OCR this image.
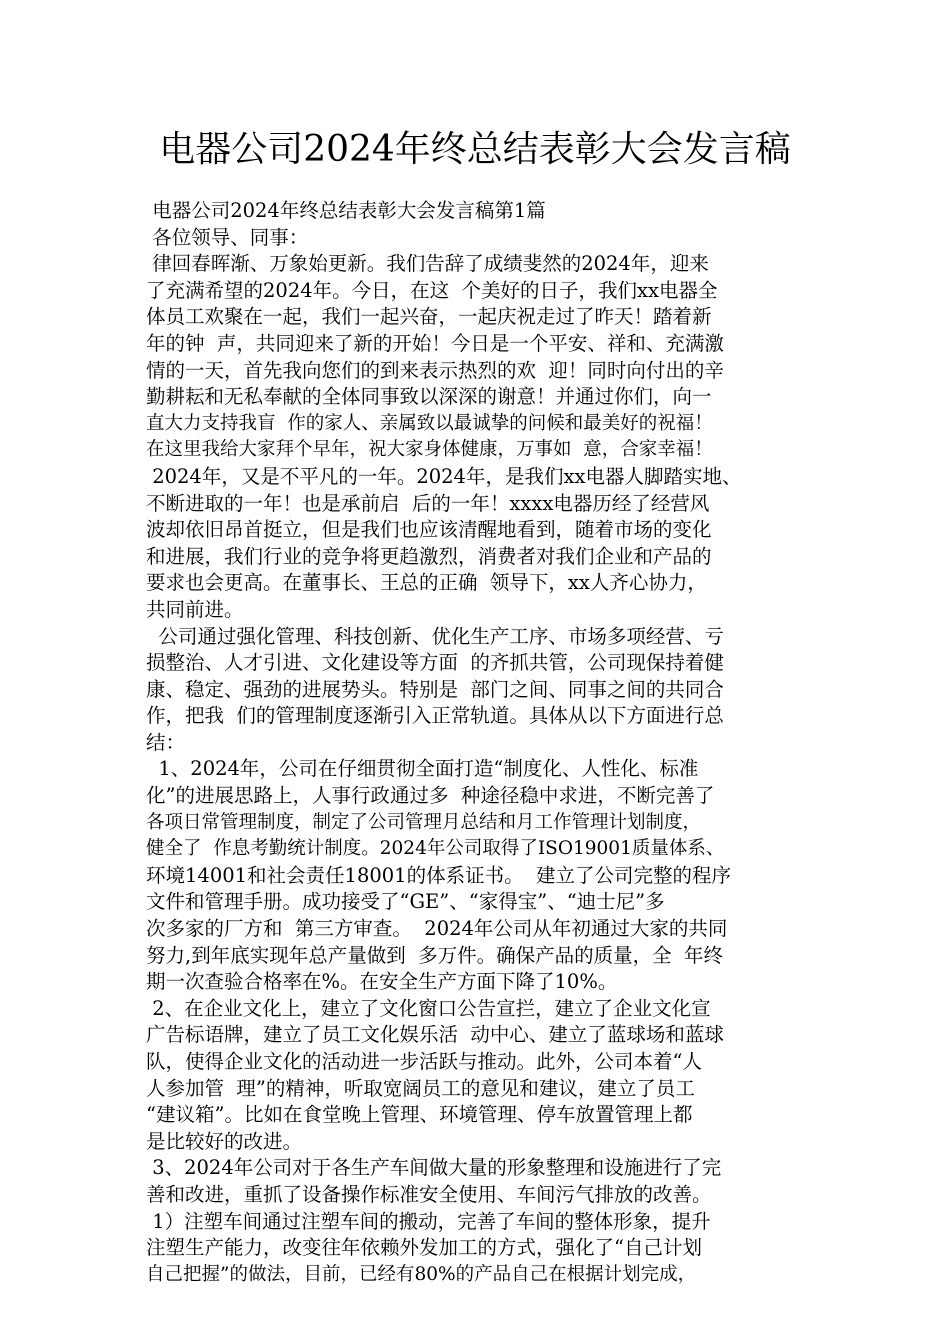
电器公司2024年终总结表彰大会发言稿
电器公司2024年终总结表彰大会发言稿第1篇
各位领导、同事：
律回春晖渐、万象始更新。我们告辞了成绩斐然的2024年，迎来
了充满希望的2024年。今日，在这  个美好的日子，我们xx电器全
体员工欢聚在一起，我们一起兴奋，一起庆祝走过了昨天！踏着新
年的钟  声，共同迎来了新的开始！今日是一个平安、祥和、充满激
情的一天，首先我向您们的到来表示热烈的欢  迎！同时向付出的辛
勤耕耘和无私奉献的全体同事致以深深的谢意！并通过你们，向一
直大力支持我盲  作的家人、亲属致以最诚挚的问候和最美好的祝福！
在这里我给大家拜个早年，祝大家身体健康，万事如  意，合家幸福！
2024年，又是不平凡的一年。2024年，是我们xx电器人脚踏实地、
不断进取的一年！也是承前启  后的一年！xxxx电器历经了经营风
波却依旧昂首挺立，但是我们也应该清醒地看到，随着市场的变化
和进展，我们行业的竞争将更趋激烈，消费者对我们企业和产品的
要求也会更高。在董事长、王总的正确  领导下，xx人齐心协力，
共同前进。
公司通过强化管理、科技创新、优化生产工序、市场多项经营、亏
损整治、人才引进、文化建设等方面  的齐抓共管，公司现保持着健
康、稳定、强劲的进展势头。特别是  部门之间、同事之间的共同合
作，把我  们的管理制度逐渐引入正常轨道。具体从以下方面进行总
结：
1、2024年，公司在仔细贯彻全面打造“制度化、人性化、标准
化”的进展思路上，人事行政通过多  种途径稳中求进，不断完善了
各项日常管理制度，制定了公司管理月总结和月工作管理计划制度，
健全了  作息考勤统计制度。2024年公司取得了ISO19001质量体系、
环境14001和社会责任18001的体系证书。  建立了公司完整的程序
文件和管理手册。成功接受了“GE”、“家得宝”、“迪士尼”多
次多家的厂方和  第三方审查。  2024年公司从年初通过大家的共同
努力,到年底实现年总产量做到  多万件。确保产品的质量，全  年终
期一次查验合格率在%。在安全生产方面下降了10%。
2、在企业文化上，建立了文化窗口公告宣拦，建立了企业文化宣
广告标语牌，建立了员工文化娱乐活  动中心、建立了蓝球场和蓝球
队，使得企业文化的活动进一步活跃与推动。此外，公司本着“人
人参加管  理”的精神，听取宽阔员工的意见和建议，建立了员工
“建议箱”。比如在食堂晚上管理、环境管理、停车放置管理上都
是比较好的改进。
3、2024年公司对于各生产车间做大量的形象整理和设施进行了完
善和改进，重抓了设备操作标准安全使用、车间污气排放的改善。
1）注塑车间通过注塑车间的搬动，完善了车间的整体形象，提升
注塑生产能力，改变往年依赖外发加工的方式，强化了“自己计划
自己把握”的做法，目前，已经有80%的产品自己在根据计划完成，
